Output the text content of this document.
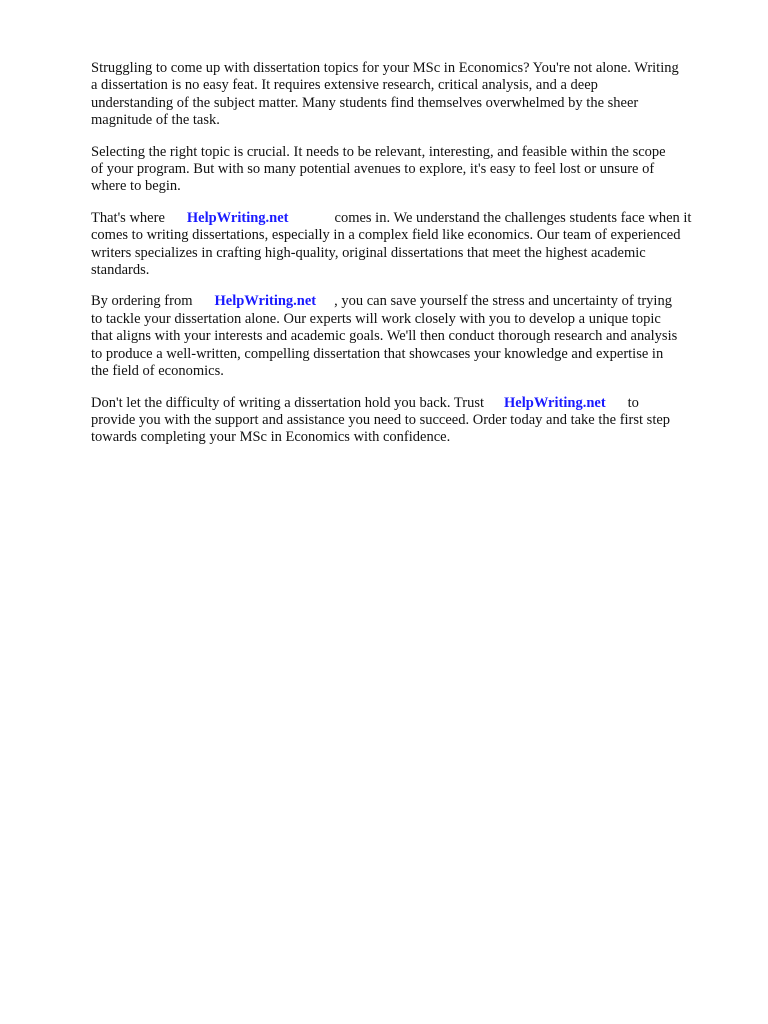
Struggling to come up with dissertation topics for your MSc in Economics? You're not alone. Writing
a dissertation is no easy feat. It requires extensive research, critical analysis, and a deep
understanding of the subject matter. Many students find themselves overwhelmed by the sheer
magnitude of the task.

Selecting the right topic is crucial. It needs to be relevant, interesting, and feasible within the scope
of your program. But with so many potential avenues to explore, it's easy to feel lost or unsure of
where to begin.

That's where HelpWriting.net	comes in. We understand the challenges students face when it
comes to writing dissertations, especially in a complex field like economics. Our team of experienced
writers specializes in crafting high-quality, original dissertations that meet the highest academic
standards.

By ordering from HelpWriting.net , you can save yourself the stress and uncertainty of trying
to tackle your dissertation alone. Our experts will work closely with you to develop a unique topic
that aligns with your interests and academic goals. We'll then conduct thorough research and analysis
to produce a well-written, compelling dissertation that showcases your knowledge and expertise in
the field of economics.

Don't let the difficulty of writing a dissertation hold you back. Trust HelpWriting.net to
provide you with the support and assistance you need to succeed. Order today and take the first step
towards completing your MSc in Economics with confidence.
